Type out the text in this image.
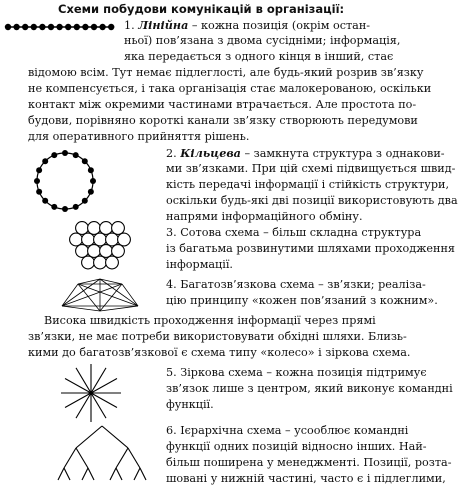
Схеми побудови комунікацій в організації:
1. Лінійна – кожна позиція (окрім остан-
ньої) пов’язана з двома сусідніми; інформація,
яка передається з одного кінця в інший, стає
відомою всім. Тут немає підлеглості, але будь-який розрив зв’язку
не компенсується, і така організація стає малокерованою, оскільки
контакт між окремими частинами втрачається. Але простота по-
будови, порівняно короткі канали зв’язку створюють передумови
для оперативного прийняття рішень.
2. Кільцева – замкнута структура з однакови-
ми зв’язками. При цій схемі підвищується швид-
кість передачі інформації і стійкість структури,
оскільки будь-які дві позиції використовують два
напрями інформаційного обміну.
3. Сотова схема – більш складна структура
із багатьма розвинутими шляхами проходження
інформації.
4. Багатозв’язкова схема – зв’язки; реаліза-
цію принципу «кожен пов’язаний з кожним».
Висока швидкість проходження інформації через прямі
зв’язки, не має потреби використовувати обхідні шляхи. Близь-
кими до багатозв’язкової є схема типу «колесо» і зіркова схема.
5. Зіркова схема – кожна позиція підтримує
зв’язок лише з центром, який виконує командні
функції.
6. Ієрархічна схема – усооблює командні
функції одних позицій відносно інших. Най-
більш поширена у менеджменті. Позиції, розта-
шовані у нижній частині, часто є і підлеглими,
